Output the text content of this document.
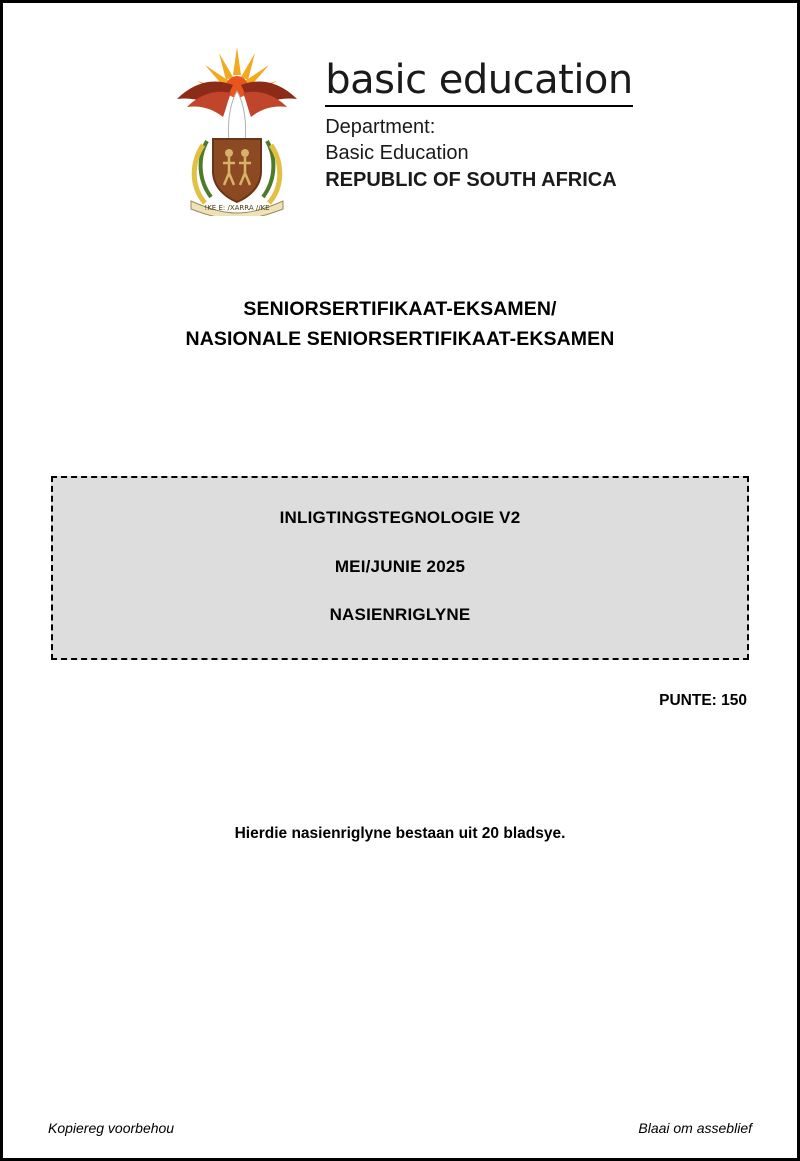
!KE E: /XARRA //KE
basic education
Department:
Basic Education
REPUBLIC OF SOUTH AFRICA
SENIORSERTIFIKAAT-EKSAMEN/
NASIONALE SENIORSERTIFIKAAT-EKSAMEN
INLIGTINGSTEGNOLOGIE V2
MEI/JUNIE 2025
NASIENRIGLYNE
PUNTE: 150
Hierdie nasienriglyne bestaan uit 20 bladsye.
Kopiereg voorbehou	Blaai om asseblief
